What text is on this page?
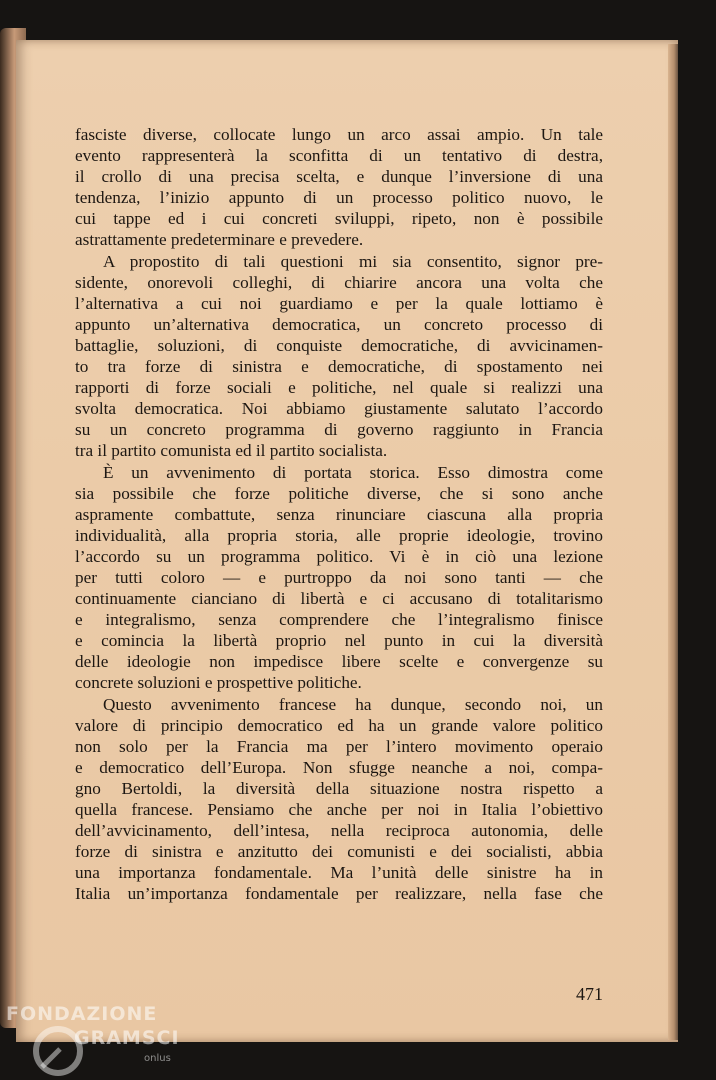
fasciste diverse, collocate lungo un arco assai ampio. Un tale
evento rappresenterà la sconfitta di un tentativo di destra,
il crollo di una precisa scelta, e dunque l’inversione di una
tendenza, l’inizio appunto di un processo politico nuovo, le
cui tappe ed i cui concreti sviluppi, ripeto, non è possibile
astrattamente predeterminare e prevedere.
A propostito di tali questioni mi sia consentito, signor pre-
sidente, onorevoli colleghi, di chiarire ancora una volta che
l’alternativa a cui noi guardiamo e per la quale lottiamo è
appunto un’alternativa democratica, un concreto processo di
battaglie, soluzioni, di conquiste democratiche, di avvicinamen-
to tra forze di sinistra e democratiche, di spostamento nei
rapporti di forze sociali e politiche, nel quale si realizzi una
svolta democratica. Noi abbiamo giustamente salutato l’accordo
su un concreto programma di governo raggiunto in Francia
tra il partito comunista ed il partito socialista.
È un avvenimento di portata storica. Esso dimostra come
sia possibile che forze politiche diverse, che si sono anche
aspramente combattute, senza rinunciare ciascuna alla propria
individualità, alla propria storia, alle proprie ideologie, trovino
l’accordo su un programma politico. Vi è in ciò una lezione
per tutti coloro — e purtroppo da noi sono tanti — che
continuamente cianciano di libertà e ci accusano di totalitarismo
e integralismo, senza comprendere che l’integralismo finisce
e comincia la libertà proprio nel punto in cui la diversità
delle ideologie non impedisce libere scelte e convergenze su
concrete soluzioni e prospettive politiche.
Questo avvenimento francese ha dunque, secondo noi, un
valore di principio democratico ed ha un grande valore politico
non solo per la Francia ma per l’intero movimento operaio
e democratico dell’Europa. Non sfugge neanche a noi, compa-
gno Bertoldi, la diversità della situazione nostra rispetto a
quella francese. Pensiamo che anche per noi in Italia l’obiettivo
dell’avvicinamento, dell’intesa, nella reciproca autonomia, delle
forze di sinistra e anzitutto dei comunisti e dei socialisti, abbia
una importanza fondamentale. Ma l’unità delle sinistre ha in
Italia un’importanza fondamentale per realizzare, nella fase che
471
FONDAZIONE
GRAMSCI
onlus
